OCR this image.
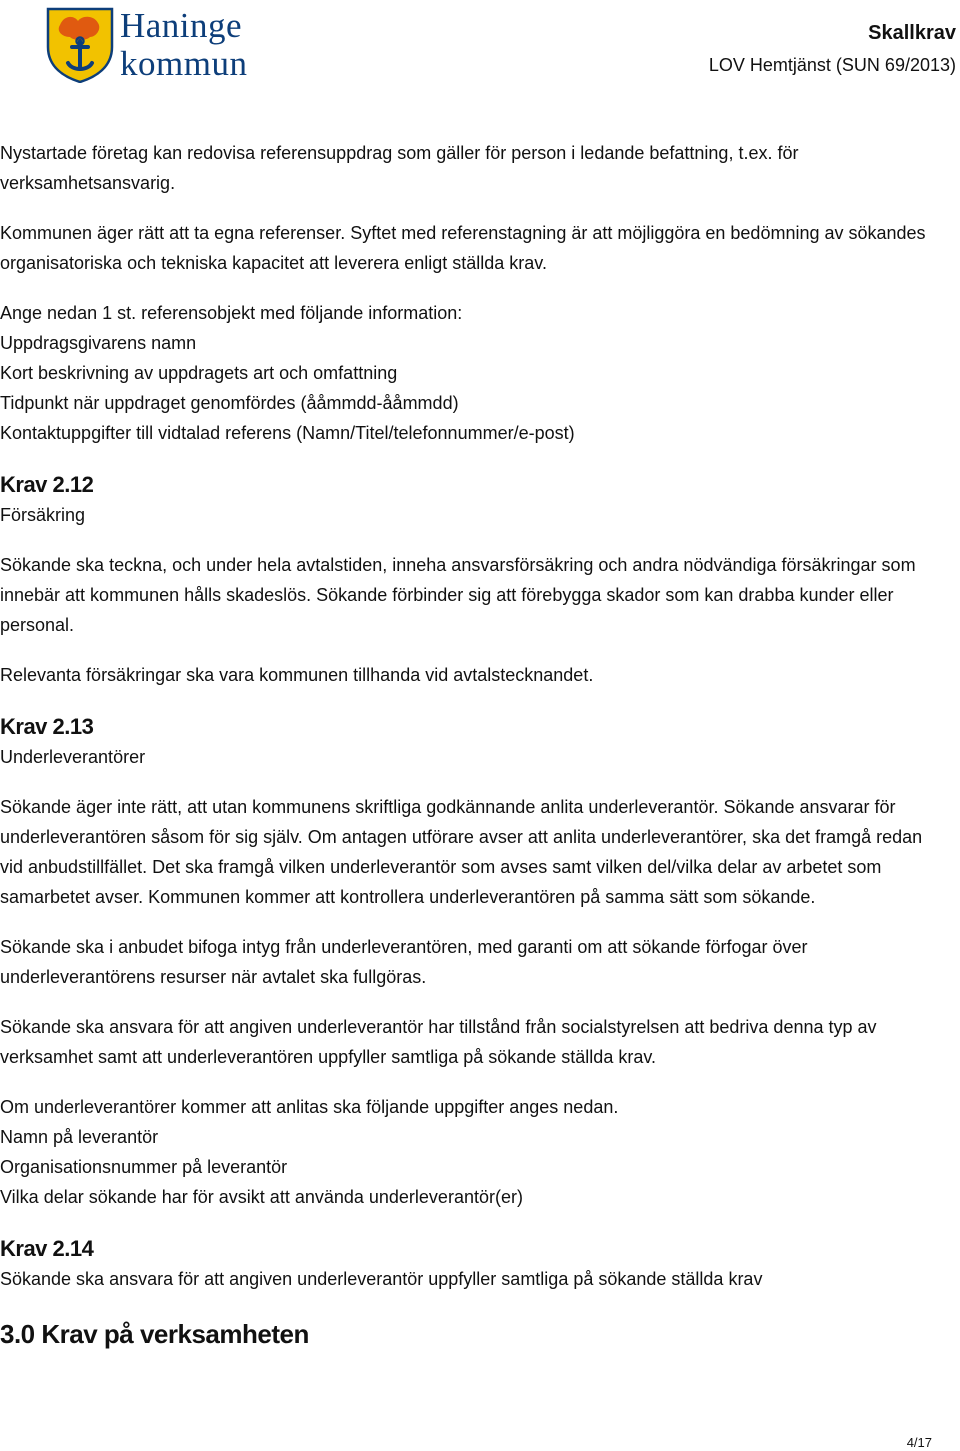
Haninge
kommun
Skallkrav
LOV Hemtjänst (SUN 69/2013)

Nystartade företag kan redovisa referensuppdrag som gäller för person i ledande befattning, t.ex. för verksamhetsansvarig.

Kommunen äger rätt att ta egna referenser. Syftet med referenstagning är att möjliggöra en bedömning av sökandes organisatoriska och tekniska kapacitet att leverera enligt ställda krav.

Ange nedan 1 st. referensobjekt med följande information:

Uppdragsgivarens namn

Kort beskrivning av uppdragets art och omfattning

Tidpunkt när uppdraget genomfördes (ååmmdd-ååmmdd)

Kontaktuppgifter till vidtalad referens (Namn/Titel/telefonnummer/e-post)

Krav 2.12

Försäkring

Sökande ska teckna, och under hela avtalstiden, inneha ansvarsförsäkring och andra nödvändiga försäkringar som innebär att kommunen hålls skadeslös. Sökande förbinder sig att förebygga skador som kan drabba kunder eller personal.

Relevanta försäkringar ska vara kommunen tillhanda vid avtalstecknandet.

Krav 2.13

Underleverantörer

Sökande äger inte rätt, att utan kommunens skriftliga godkännande anlita underleverantör. Sökande ansvarar för underleverantören såsom för sig själv. Om antagen utförare avser att anlita underleverantörer, ska det framgå redan vid anbudstillfället. Det ska framgå vilken underleverantör som avses samt vilken del/vilka delar av arbetet som samarbetet avser. Kommunen kommer att kontrollera underleverantören på samma sätt som sökande.

Sökande ska i anbudet bifoga intyg från underleverantören, med garanti om att sökande förfogar över underleverantörens resurser när avtalet ska fullgöras.

Sökande ska ansvara för att angiven underleverantör har tillstånd från socialstyrelsen att bedriva denna typ av verksamhet samt att underleverantören uppfyller samtliga på sökande ställda krav.

Om underleverantörer kommer att anlitas ska följande uppgifter anges nedan.

Namn på leverantör

Organisationsnummer på leverantör

Vilka delar sökande har för avsikt att använda underleverantör(er)

Krav 2.14

Sökande ska ansvara för att angiven underleverantör uppfyller samtliga på sökande ställda krav

3.0 Krav på verksamheten
4/17
